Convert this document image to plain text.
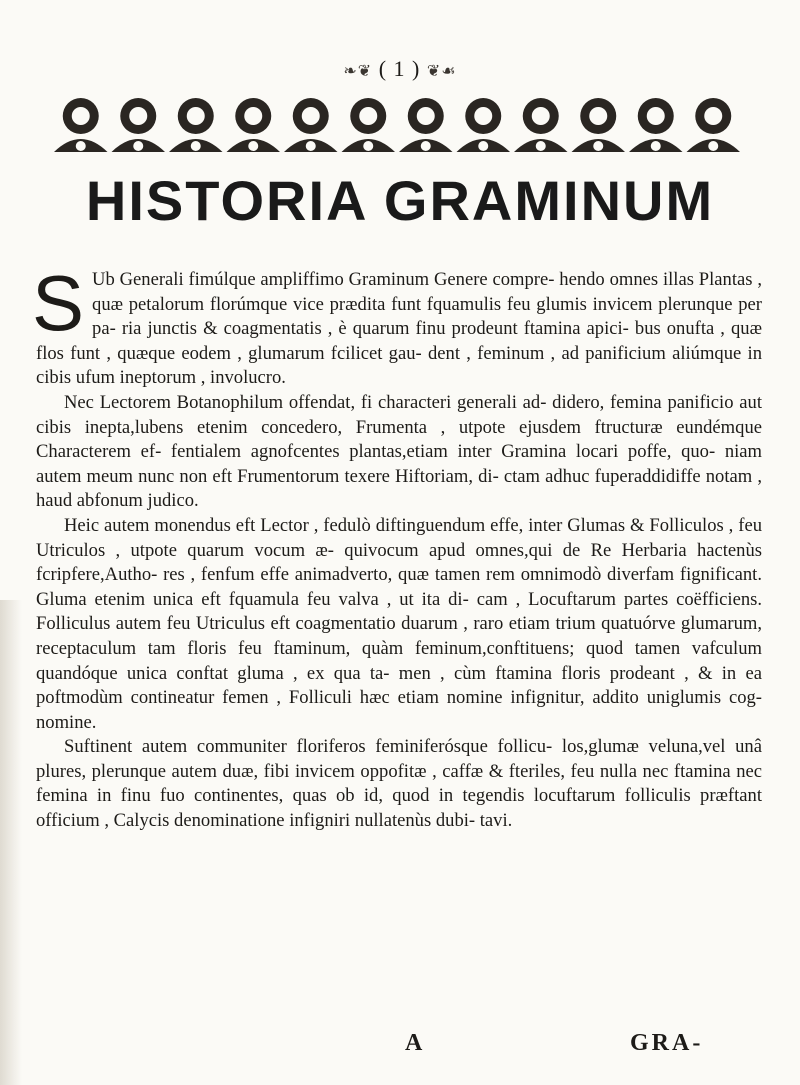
❧❦ ( 1 ) ❦☙
HISTORIA GRAMINUM

S Ub Generali fimúlque ampliffimo Graminum Genere compre- hendo omnes illas Plantas , quæ petalorum florúmque vice prædita funt fquamulis feu glumis invicem plerunque per pa- ria junctis & coagmentatis , è quarum finu prodeunt ftamina apici- bus onufta , quæ flos funt , quæque eodem , glumarum fcilicet gau- dent , feminum , ad panificium aliúmque in cibis ufum ineptorum , involucro.

Nec Lectorem Botanophilum offendat, fi characteri generali ad- didero, femina panificio aut cibis inepta,lubens etenim concedero, Frumenta , utpote ejusdem ftructuræ eundémque Characterem ef- fentialem agnofcentes plantas,etiam inter Gramina locari poffe, quo- niam autem meum nunc non eft Frumentorum texere Hiftoriam, di- ctam adhuc fuperaddidiffe notam , haud abfonum judico.

Heic autem monendus eft Lector , fedulò diftinguendum effe, inter Glumas & Folliculos , feu Utriculos , utpote quarum vocum æ- quivocum apud omnes,qui de Re Herbaria hactenùs fcripfere,Autho- res , fenfum effe animadverto, quæ tamen rem omnimodò diverfam fignificant. Gluma etenim unica eft fquamula feu valva , ut ita di- cam , Locuftarum partes coëfficiens. Folliculus autem feu Utriculus eft coagmentatio duarum , raro etiam trium quatuórve glumarum, receptaculum tam floris feu ftaminum, quàm feminum,conftituens; quod tamen vafculum quandóque unica conftat gluma , ex qua ta- men , cùm ftamina floris prodeant , & in ea poftmodùm contineatur femen , Folliculi hæc etiam nomine infignitur, addito uniglumis cog- nomine.

Suftinent autem communiter floriferos feminiferósque follicu- los,glumæ veluna,vel unâ plures, plerunque autem duæ, fibi invicem oppofitæ , caffæ & fteriles, feu nulla nec ftamina nec femina in finu fuo continentes, quas ob id, quod in tegendis locuftarum folliculis præftant officium , Calycis denominatione infigniri nullatenùs dubi- tavi.

A	GRA-
